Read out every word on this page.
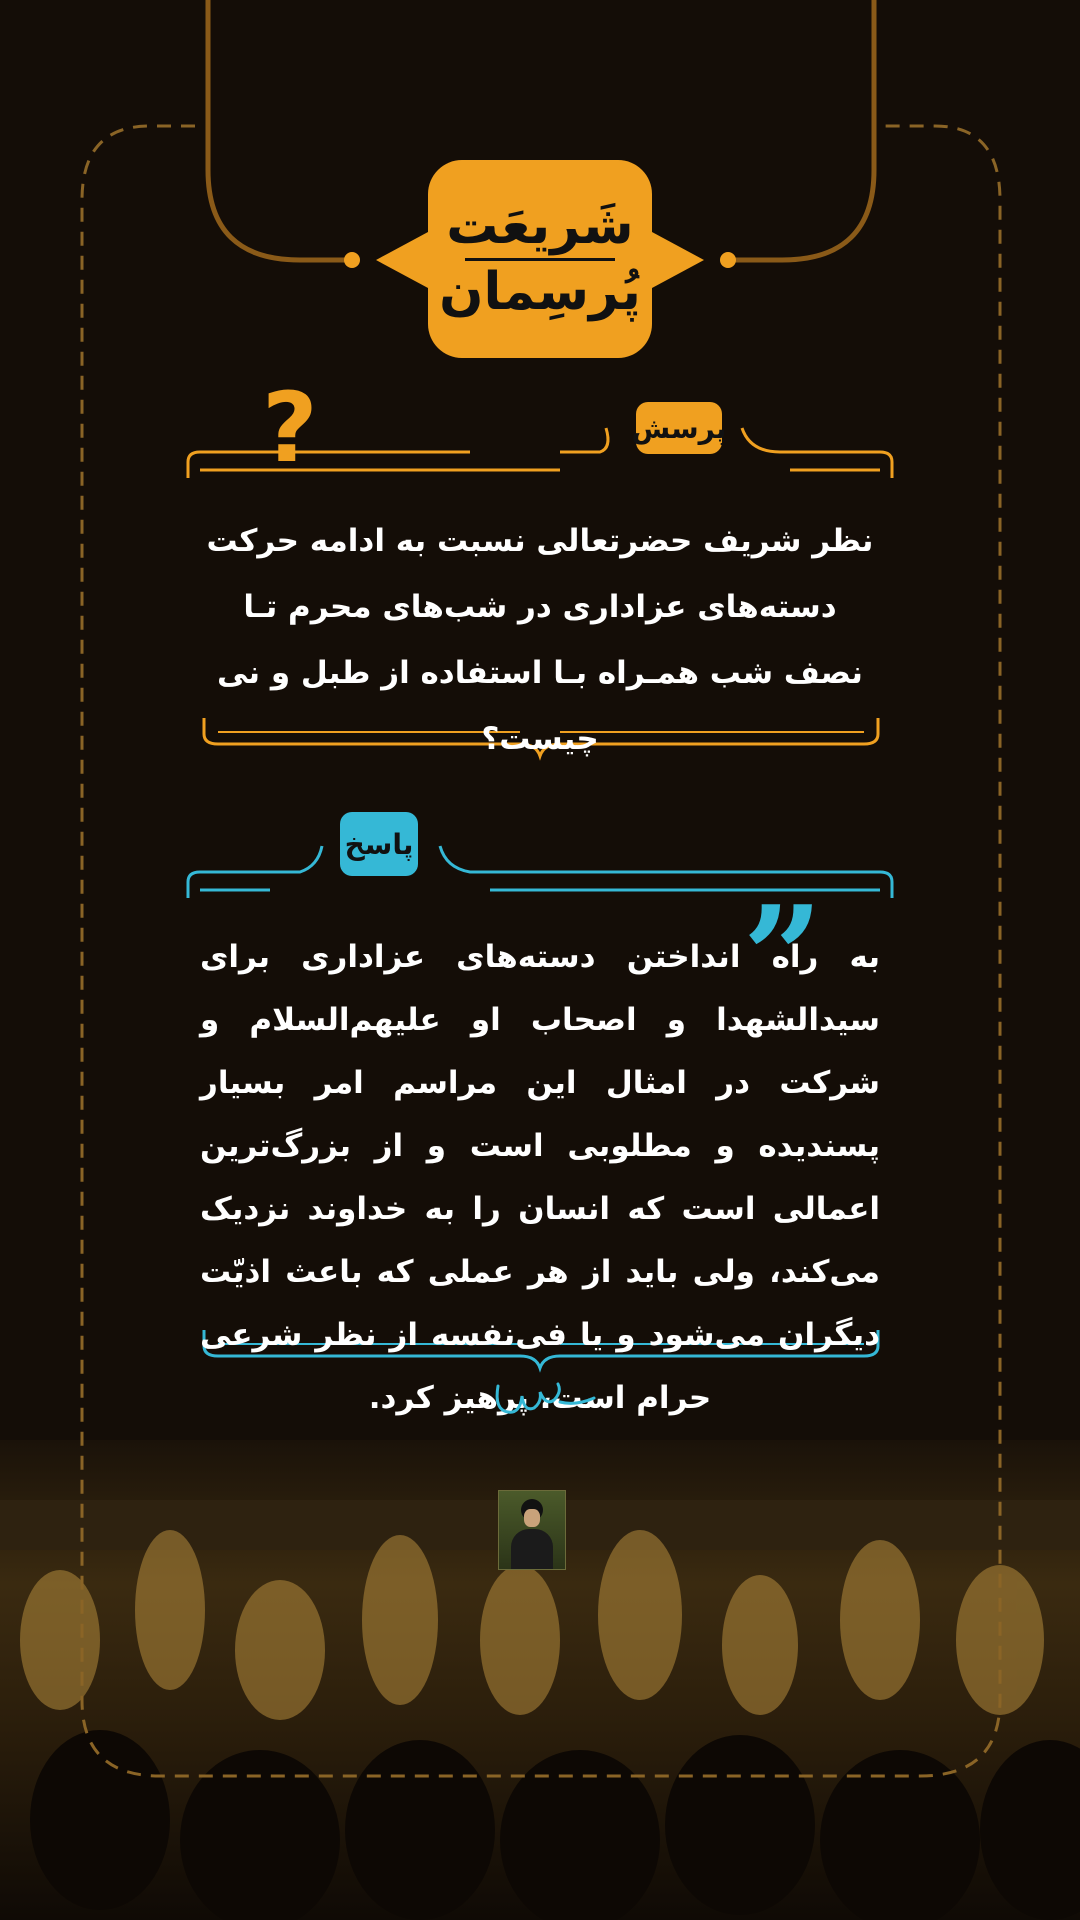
شَریعَت
پُرسِمان
?	پرسش
نظر شریف حضرتعالی نسبت به ادامه حرکت دسته‌های عزاداری در شب‌های محرم تـا نصف شب همـراه بـا استفاده از طبل و نی چیست؟
„
پاسخ
به راه انداختن دسته‌های عزاداری برای سیدالشهدا و اصحاب او علیهم‌السلام و شرکت در امثال این مراسم امر بسیار پسندیده و مطلوبی است و از بزرگ‌ترین اعمالی است که انسان را به خداوند نزدیک می‌کند، ولی باید از هر عملی که باعث اذیّت دیگران می‌شود و یا فی‌نفسه از نظر شرعی حرام است، پرهیز کرد.
